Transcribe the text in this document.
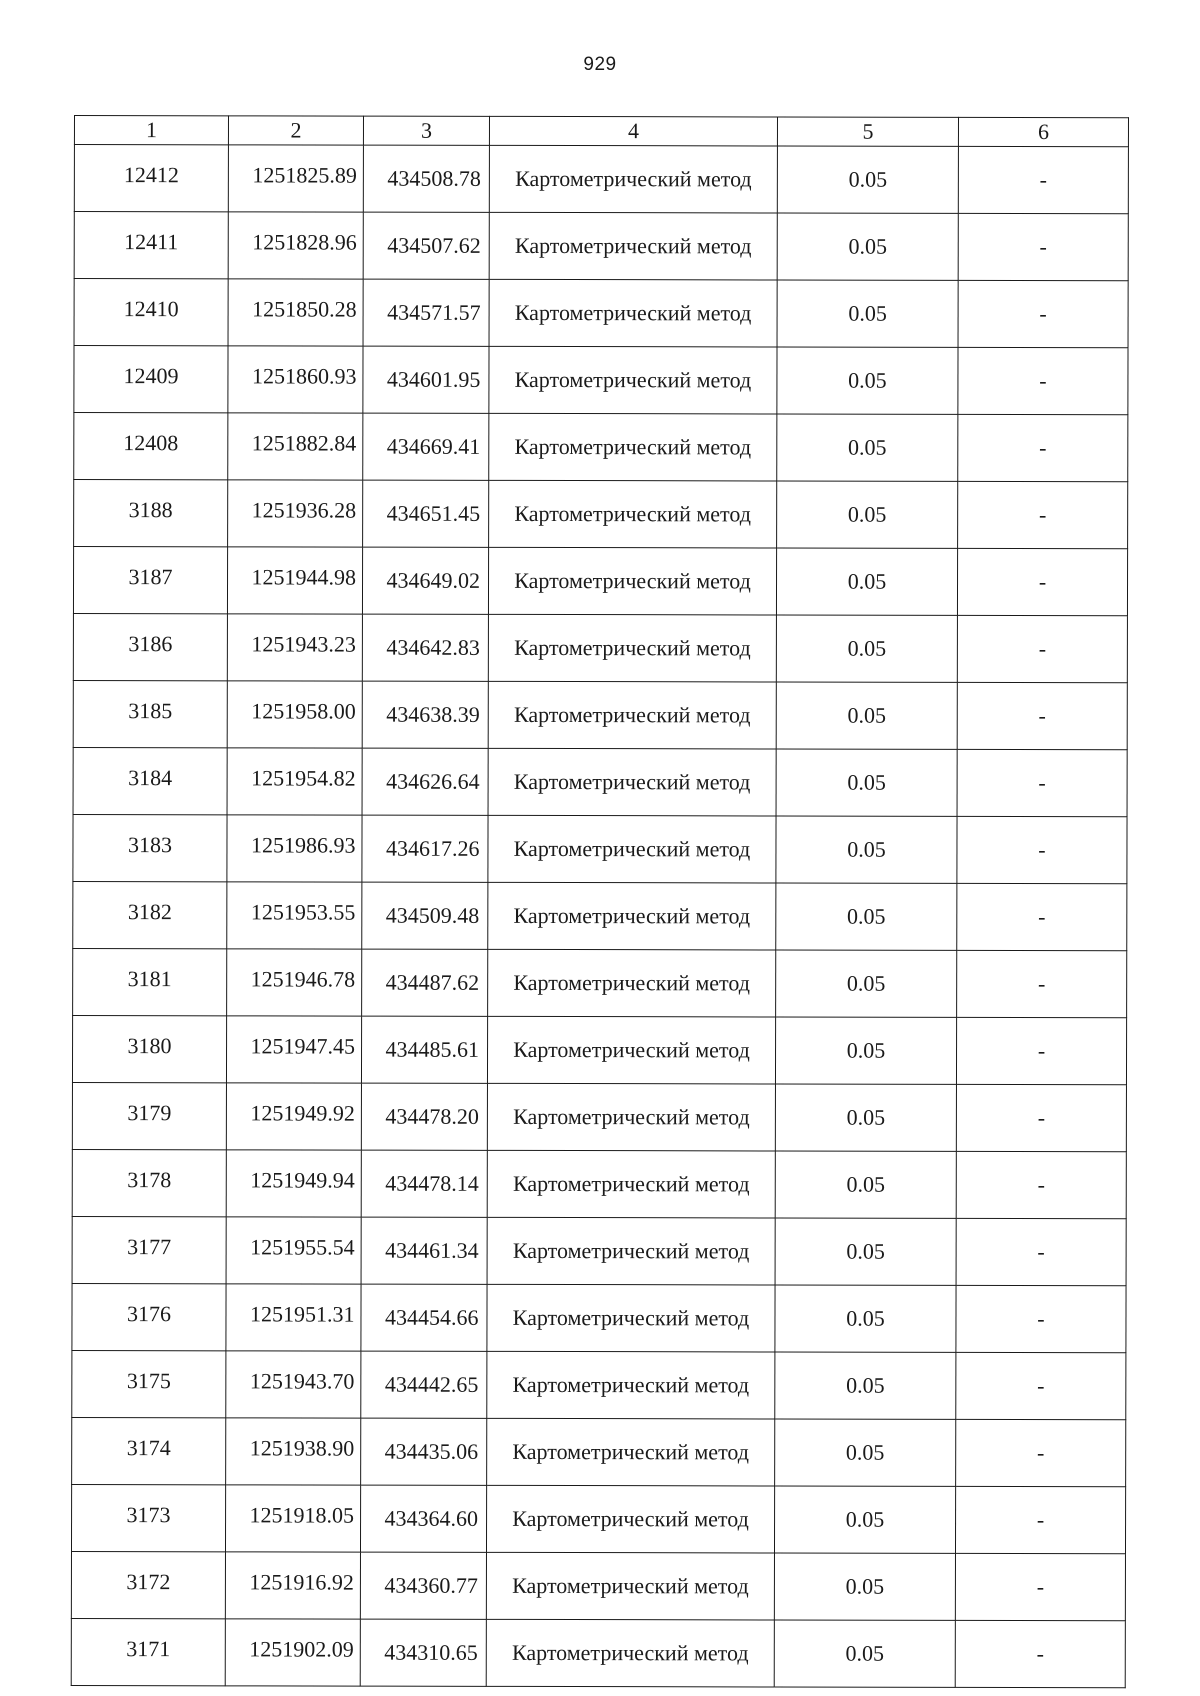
929
1	2	3	4	5	6
12412	1251825.89	434508.78	Картометрический метод	0.05	-
12411	1251828.96	434507.62	Картометрический метод	0.05	-
12410	1251850.28	434571.57	Картометрический метод	0.05	-
12409	1251860.93	434601.95	Картометрический метод	0.05	-
12408	1251882.84	434669.41	Картометрический метод	0.05	-
3188	1251936.28	434651.45	Картометрический метод	0.05	-
3187	1251944.98	434649.02	Картометрический метод	0.05	-
3186	1251943.23	434642.83	Картометрический метод	0.05	-
3185	1251958.00	434638.39	Картометрический метод	0.05	-
3184	1251954.82	434626.64	Картометрический метод	0.05	-
3183	1251986.93	434617.26	Картометрический метод	0.05	-
3182	1251953.55	434509.48	Картометрический метод	0.05	-
3181	1251946.78	434487.62	Картометрический метод	0.05	-
3180	1251947.45	434485.61	Картометрический метод	0.05	-
3179	1251949.92	434478.20	Картометрический метод	0.05	-
3178	1251949.94	434478.14	Картометрический метод	0.05	-
3177	1251955.54	434461.34	Картометрический метод	0.05	-
3176	1251951.31	434454.66	Картометрический метод	0.05	-
3175	1251943.70	434442.65	Картометрический метод	0.05	-
3174	1251938.90	434435.06	Картометрический метод	0.05	-
3173	1251918.05	434364.60	Картометрический метод	0.05	-
3172	1251916.92	434360.77	Картометрический метод	0.05	-
3171	1251902.09	434310.65	Картометрический метод	0.05	-
